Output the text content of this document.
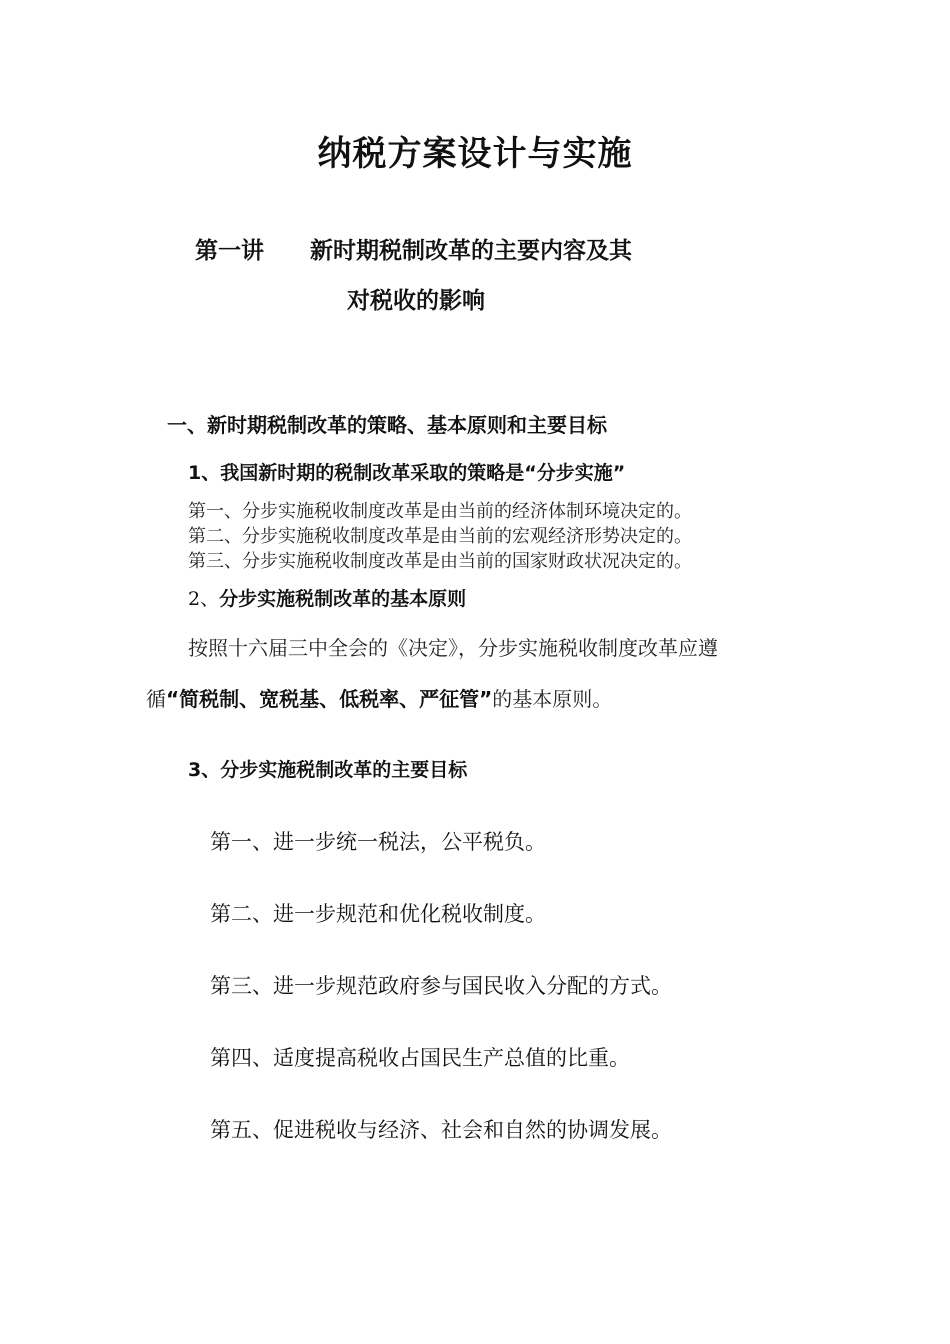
纳税方案设计与实施
第一讲 新时期税制改革的主要内容及其
对税收的影响
一、新时期税制改革的策略、基本原则和主要目标
1、我国新时期的税制改革采取的策略是“分步实施”
第一、分步实施税收制度改革是由当前的经济体制环境决定的。
第二、分步实施税收制度改革是由当前的宏观经济形势决定的。
第三、分步实施税收制度改革是由当前的国家财政状况决定的。
2、分步实施税制改革的基本原则
按照十六届三中全会的《决定》，分步实施税收制度改革应遵
循“简税制、宽税基、低税率、严征管”的基本原则。
3、分步实施税制改革的主要目标
第一、进一步统一税法，公平税负。
第二、进一步规范和优化税收制度。
第三、进一步规范政府参与国民收入分配的方式。
第四、适度提高税收占国民生产总值的比重。
第五、促进税收与经济、社会和自然的协调发展。
